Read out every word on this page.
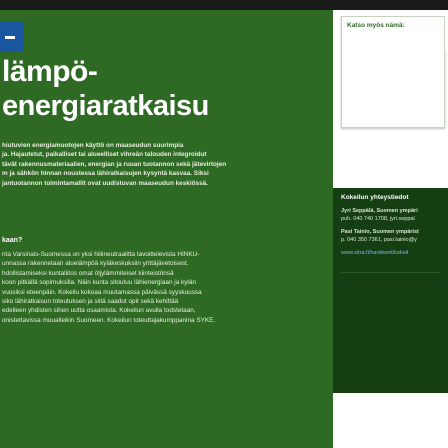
lämpö-
energiaratkaisu
hiutuvien energiamuotojen käyttö on maaseudun suurimpia
ja. Hajautetut, paikalliset tai alueelliset vihreän talouden integroidut
tävät rakennusmateriaalien, energian ja ruuan tuotannon sekä jätevirtojen
m ja sähkön hinnan noustessa lähiratkaisujen kysyntä kasvaa. Siksi
jantuotannon toimintamallit ovat uudistuvan maaseudun keskiössä.
kaan?
nta Varsinais-Suomessa on yksi hiilineutraalitta tavoittelevista HINKU-
unnassa rakennetaan aluelämpöä kyläkeskuksiin yrittäjävetoisest.
hdollistamiseksi kuntaliitos omat öljylämmiteiset kiinteistönsä
koon pitkällä sopimuksilla. Näin kunta sitoutuu lähienergiaan ja kylän
vuosiksi eteenpäin. Kokeilu kokoaa muutamassa päivässä syyskuussa
siko lähiratkaisun toteutuksen ja siitä saadut opit sekä kehittää
edelleen yhdisten sihen uutta osaamista. Kokeilun avulla todstetaan,
onistettavissa muualleikin Suomeen. Kokeilun toteuttajakumppanina SYKE.
Katso myös nämä:
Kokeilun yhteystiedot
Jyri Seppälä, Suomen ympäri
puh. 040 740 1708, jyri.seppal
Pasi Tainio, Suomen ympärist
p. 040 350 7361, pasi.tainio@y
www.sitra.fi/hankkeet/kokeil
